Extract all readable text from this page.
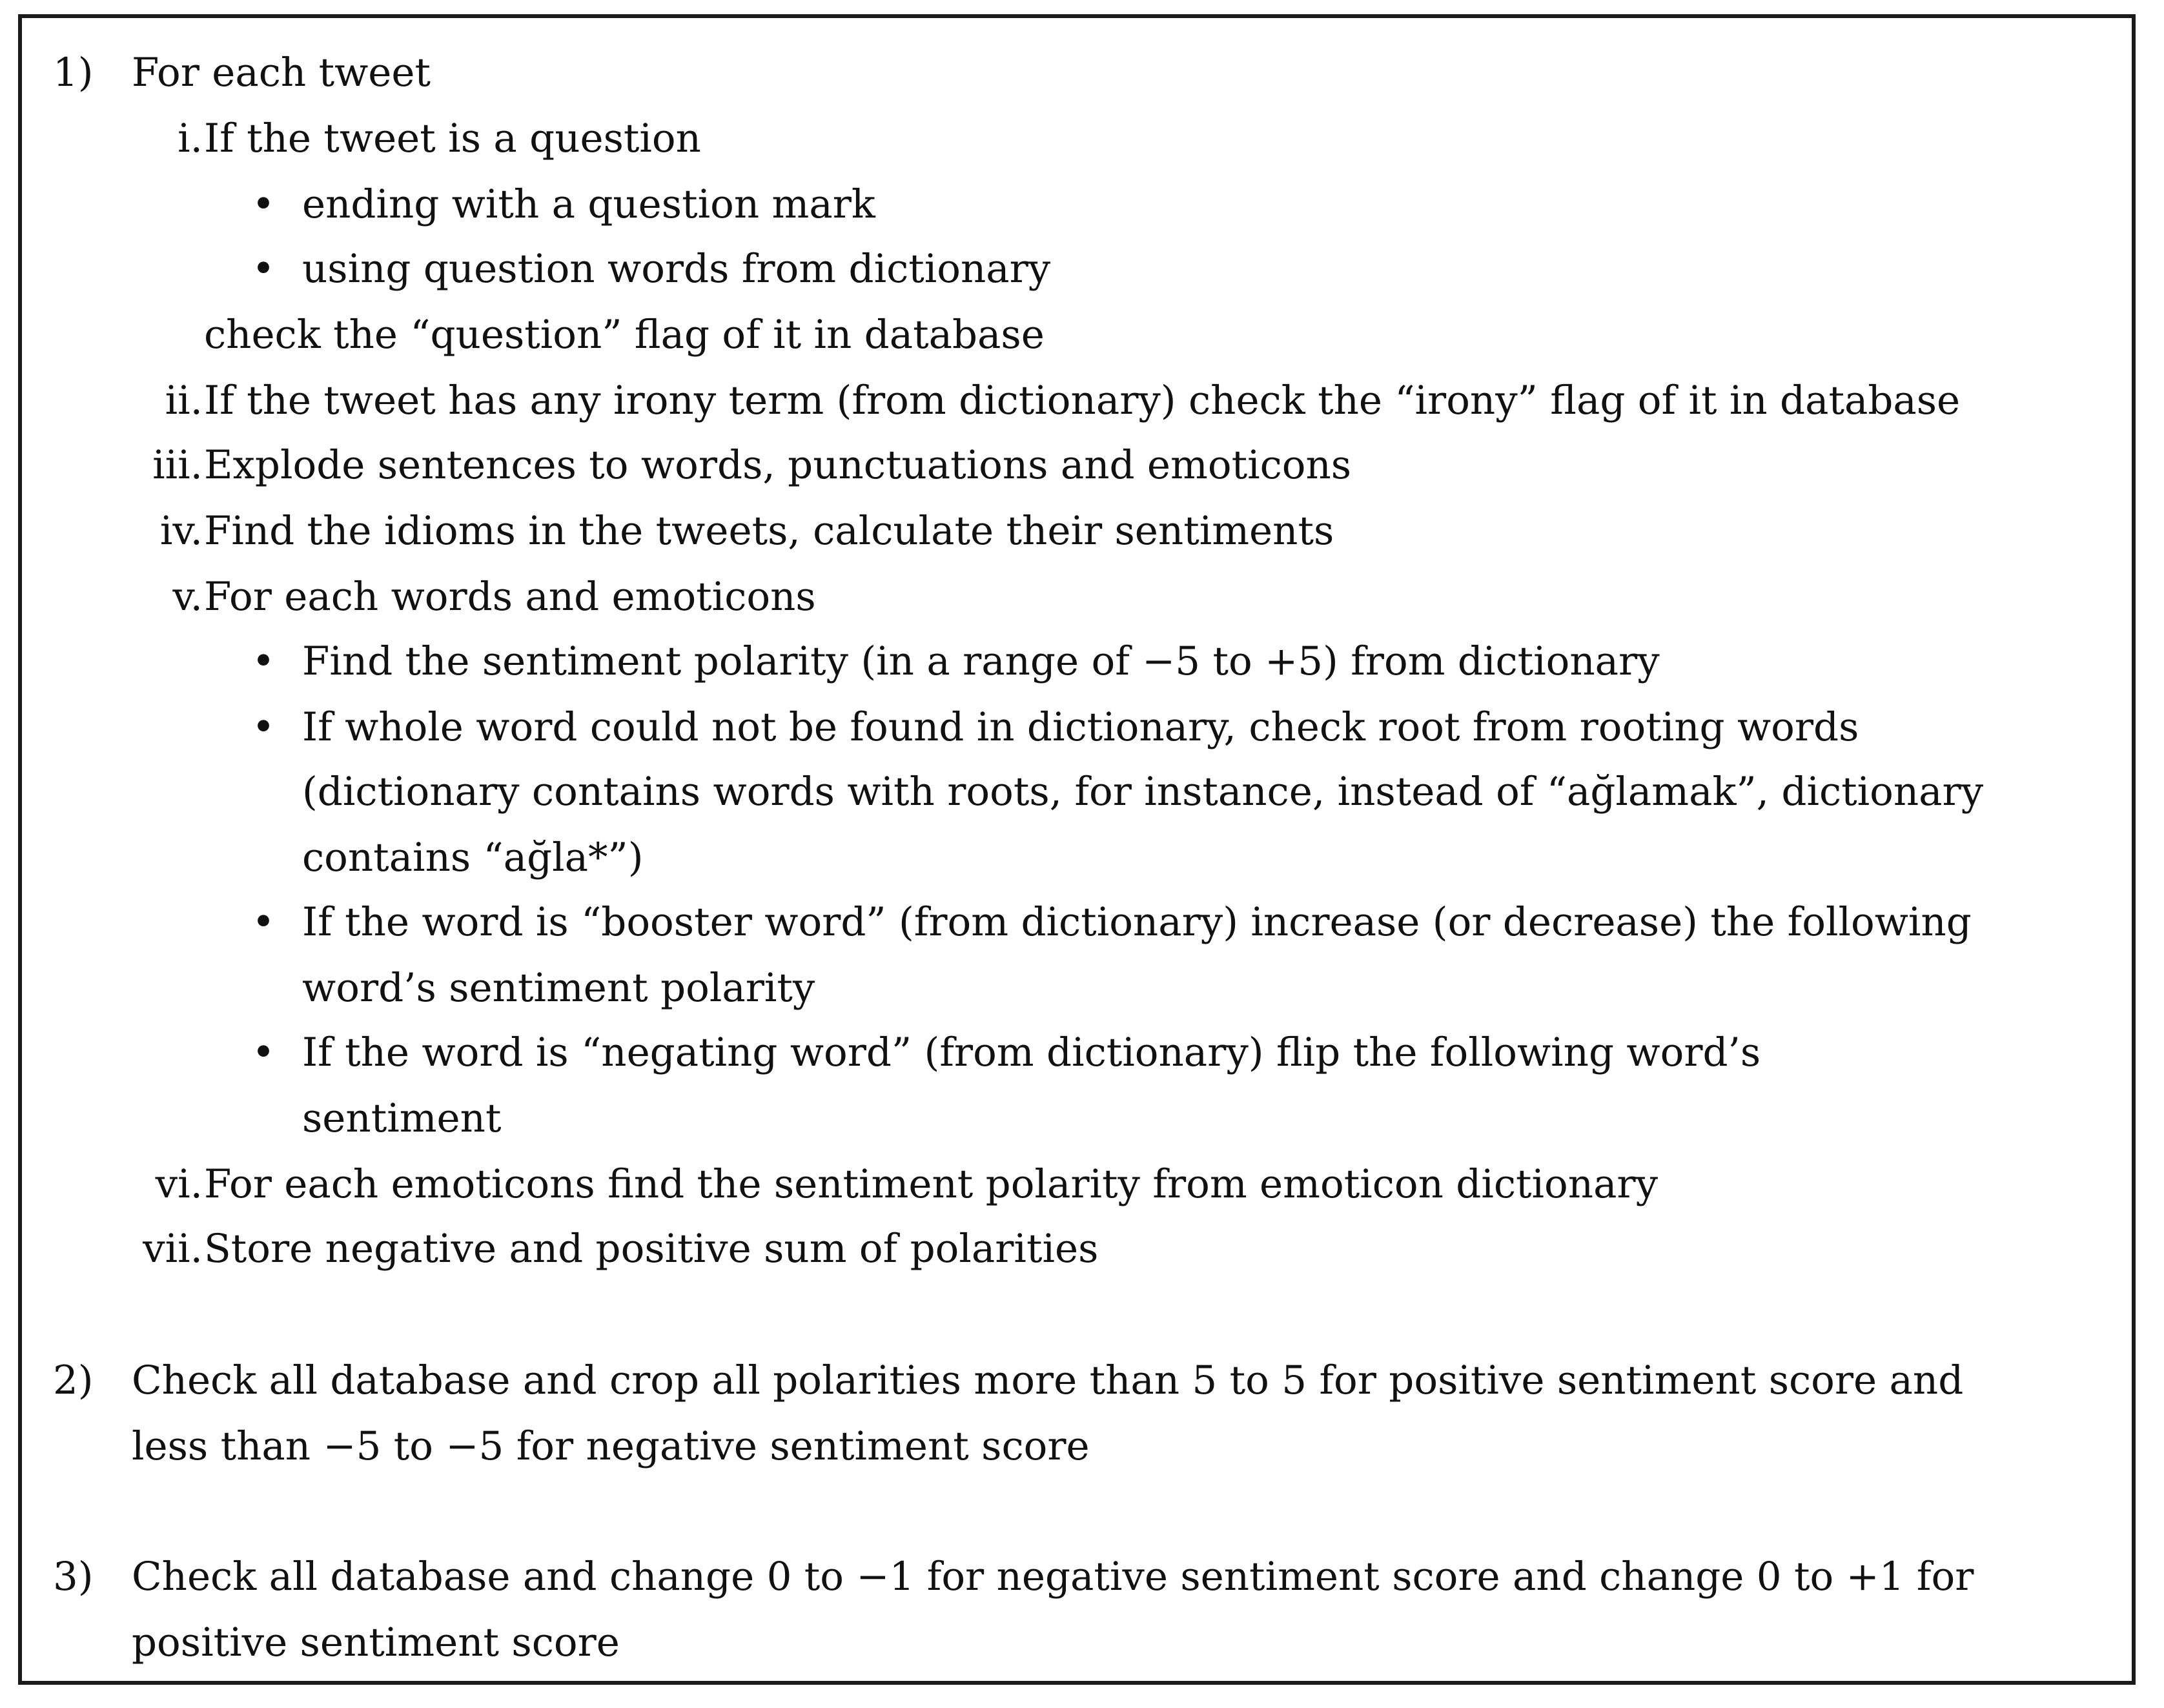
1) For each tweet
i. If the tweet is a question
• ending with a question mark
• using question words from dictionary
check the “question” flag of it in database
ii. If the tweet has any irony term (from dictionary) check the “irony” flag of it in database
iii. Explode sentences to words, punctuations and emoticons
iv. Find the idioms in the tweets, calculate their sentiments
v. For each words and emoticons
• Find the sentiment polarity (in a range of −5 to +5) from dictionary
• If whole word could not be found in dictionary, check root from rooting words
(dictionary contains words with roots, for instance, instead of “ağlamak”, dictionary
contains “ağla*”)
• If the word is “booster word” (from dictionary) increase (or decrease) the following
word’s sentiment polarity
• If the word is “negating word” (from dictionary) flip the following word’s
sentiment
vi. For each emoticons find the sentiment polarity from emoticon dictionary
vii. Store negative and positive sum of polarities
2) Check all database and crop all polarities more than 5 to 5 for positive sentiment score and
less than −5 to −5 for negative sentiment score
3) Check all database and change 0 to −1 for negative sentiment score and change 0 to +1 for
positive sentiment score
